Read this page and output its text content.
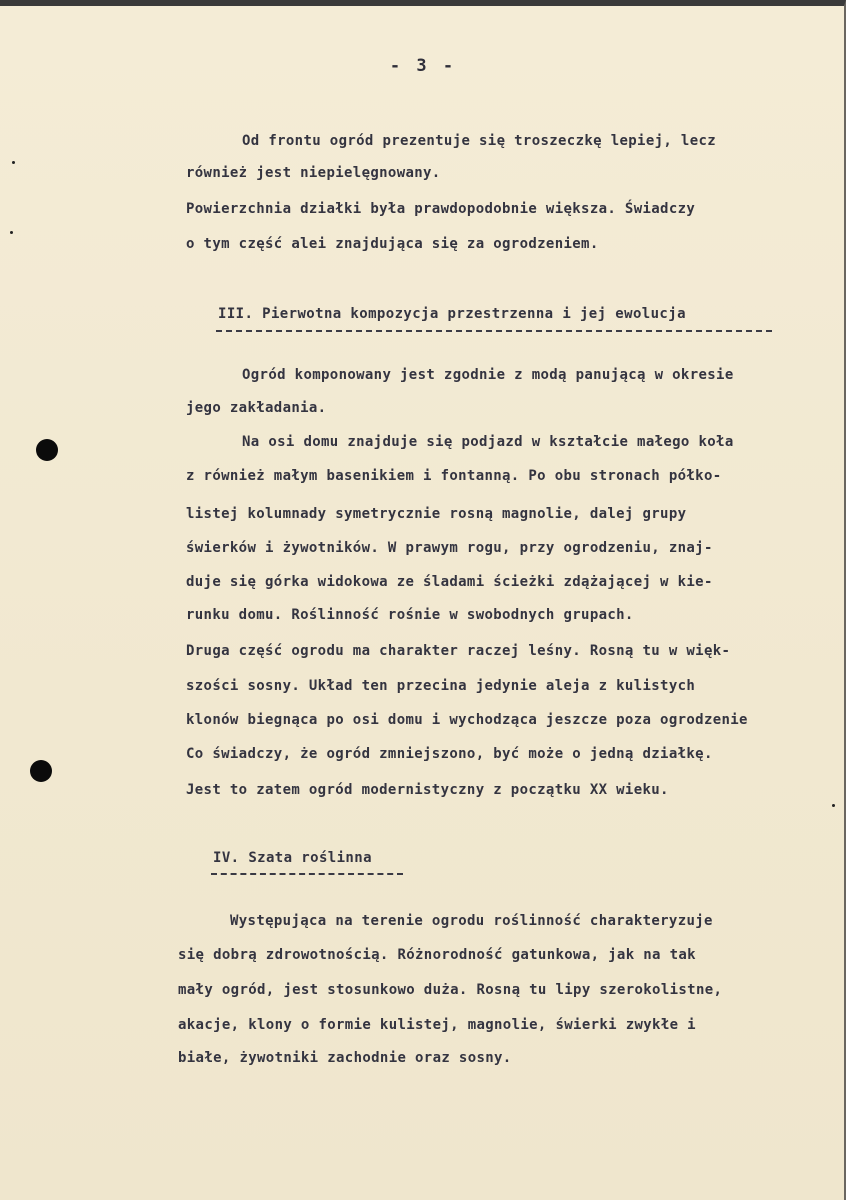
- 3 -
Od frontu ogród prezentuje się troszeczkę lepiej, lecz
również jest niepielęgnowany.
Powierzchnia działki była prawdopodobnie większa. Świadczy
o tym część alei znajdująca się za ogrodzeniem.
III. Pierwotna kompozycja przestrzenna i jej ewolucja
Ogród komponowany jest zgodnie z modą panującą w okresie
jego zakładania.
Na osi domu znajduje się podjazd w kształcie małego koła
z również małym basenikiem i fontanną. Po obu stronach półko-
listej kolumnady symetrycznie rosną magnolie, dalej grupy
świerków i żywotników. W prawym rogu, przy ogrodzeniu, znaj-
duje się górka widokowa ze śladami ścieżki zdążającej w kie-
runku domu. Roślinność rośnie w swobodnych grupach.
Druga część ogrodu ma charakter raczej leśny. Rosną tu w więk-
szości sosny. Układ ten przecina jedynie aleja z kulistych
klonów biegnąca po osi domu i wychodząca jeszcze poza ogrodzenie
Co świadczy, że ogród zmniejszono, być może o jedną działkę.
Jest to zatem ogród modernistyczny z początku XX wieku.
IV. Szata roślinna
Występująca na terenie ogrodu roślinność charakteryzuje
się dobrą zdrowotnością. Różnorodność gatunkowa, jak na tak
mały ogród, jest stosunkowo duża. Rosną tu lipy szerokolistne,
akacje, klony o formie kulistej, magnolie, świerki zwykłe i
białe, żywotniki zachodnie oraz sosny.
